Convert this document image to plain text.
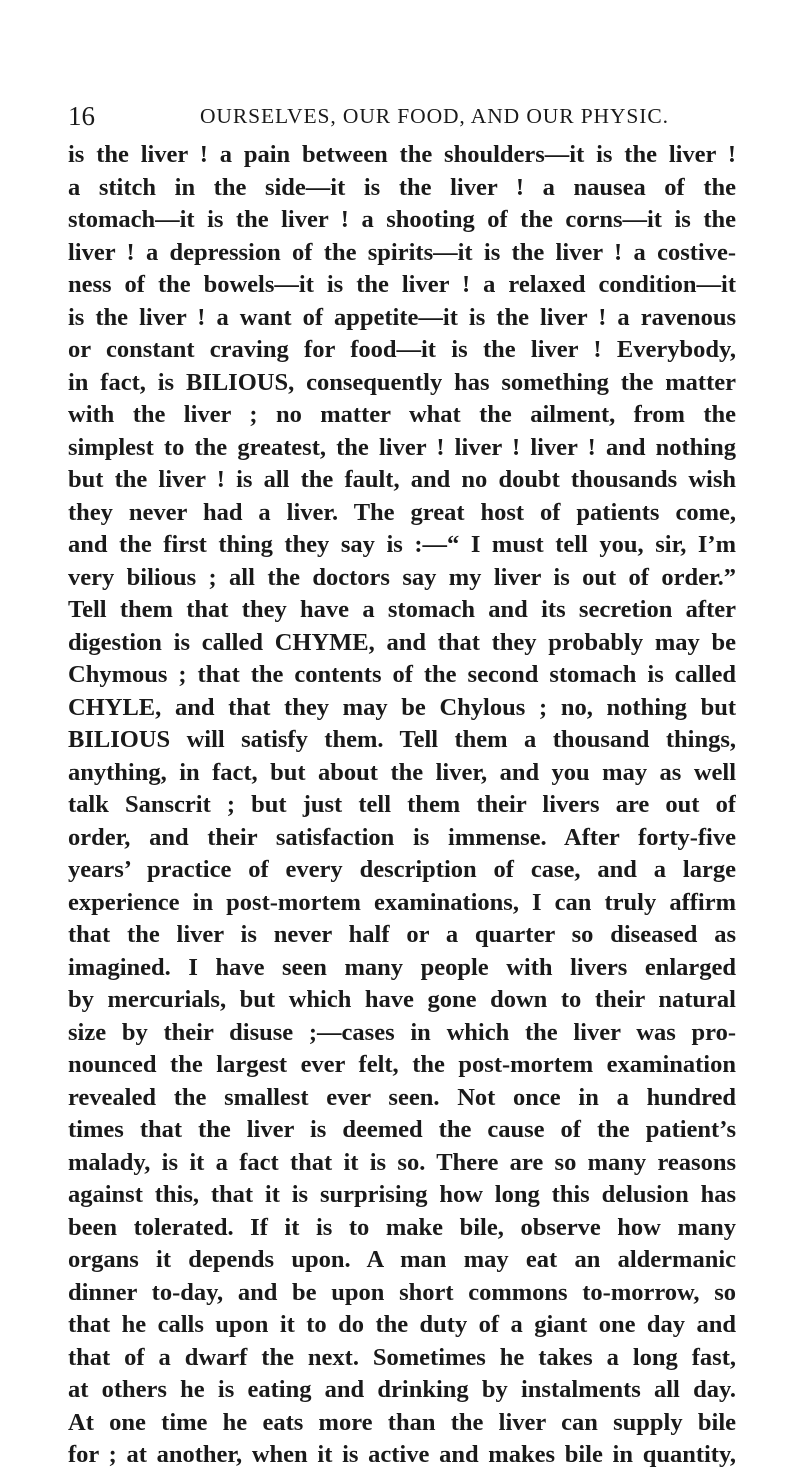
16	OURSELVES, OUR FOOD, AND OUR PHYSIC.
is the liver ! a pain between the shoulders—it is the liver !
a stitch in the side—it is the liver ! a nausea of the
stomach—it is the liver ! a shooting of the corns—it is the
liver ! a depression of the spirits—it is the liver ! a costive-
ness of the bowels—it is the liver ! a relaxed condition—it
is the liver ! a want of appetite—it is the liver ! a ravenous
or constant craving for food—it is the liver ! Everybody,
in fact, is BILIOUS, consequently has something the matter
with the liver ; no matter what the ailment, from the
simplest to the greatest, the liver ! liver ! liver ! and nothing
but the liver ! is all the fault, and no doubt thousands wish
they never had a liver. The great host of patients come,
and the first thing they say is :—“ I must tell you, sir, I’m
very bilious ; all the doctors say my liver is out of order.”
Tell them that they have a stomach and its secretion after
digestion is called CHYME, and that they probably may be
Chymous ; that the contents of the second stomach is called
CHYLE, and that they may be Chylous ; no, nothing but
BILIOUS will satisfy them. Tell them a thousand things,
anything, in fact, but about the liver, and you may as well
talk Sanscrit ; but just tell them their livers are out of
order, and their satisfaction is immense. After forty-five
years’ practice of every description of case, and a large
experience in post-mortem examinations, I can truly affirm
that the liver is never half or a quarter so diseased as
imagined. I have seen many people with livers enlarged
by mercurials, but which have gone down to their natural
size by their disuse ;—cases in which the liver was pro-
nounced the largest ever felt, the post-mortem examination
revealed the smallest ever seen. Not once in a hundred
times that the liver is deemed the cause of the patient’s
malady, is it a fact that it is so. There are so many reasons
against this, that it is surprising how long this delusion has
been tolerated. If it is to make bile, observe how many
organs it depends upon. A man may eat an aldermanic
dinner to-day, and be upon short commons to-morrow, so
that he calls upon it to do the duty of a giant one day and
that of a dwarf the next. Sometimes he takes a long fast,
at others he is eating and drinking by instalments all day.
At one time he eats more than the liver can supply bile
for ; at another, when it is active and makes bile in quantity,
